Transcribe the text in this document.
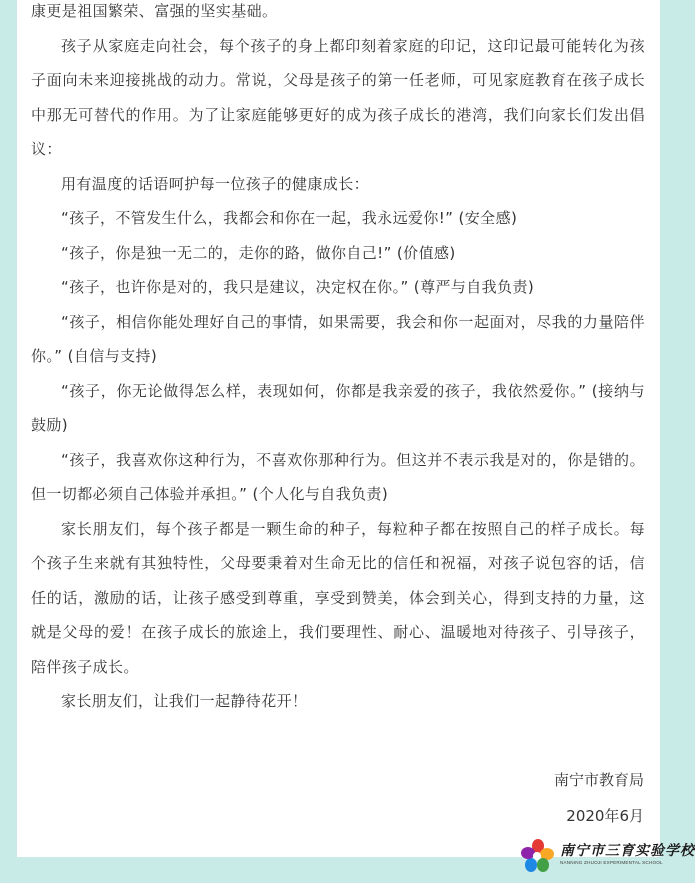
康更是祖国繁荣、富强的坚实基础。

孩子从家庭走向社会，每个孩子的身上都印刻着家庭的印记，这印记最可能转化为孩子面向未来迎接挑战的动力。常说，父母是孩子的第一任老师，可见家庭教育在孩子成长中那无可替代的作用。为了让家庭能够更好的成为孩子成长的港湾，我们向家长们发出倡议：

用有温度的话语呵护每一位孩子的健康成长：

“孩子，不管发生什么，我都会和你在一起，我永远爱你!” (安全感)

“孩子，你是独一无二的，走你的路，做你自己!” (价值感)

“孩子，也许你是对的，我只是建议，决定权在你。” (尊严与自我负责)

“孩子，相信你能处理好自己的事情，如果需要，我会和你一起面对，尽我的力量陪伴你。” (自信与支持)

“孩子，你无论做得怎么样，表现如何，你都是我亲爱的孩子，我依然爱你。” (接纳与鼓励)

“孩子，我喜欢你这种行为，不喜欢你那种行为。但这并不表示我是对的，你是错的。但一切都必须自己体验并承担。” (个人化与自我负责)

家长朋友们，每个孩子都是一颗生命的种子，每粒种子都在按照自己的样子成长。每个孩子生来就有其独特性，父母要秉着对生命无比的信任和祝福，对孩子说包容的话，信任的话，激励的话，让孩子感受到尊重，享受到赞美，体会到关心，得到支持的力量，这就是父母的爱！在孩子成长的旅途上，我们要理性、耐心、温暖地对待孩子、引导孩子，陪伴孩子成长。

家长朋友们，让我们一起静待花开！

南宁市教育局
2020年6月
南宁市三育实验学校
NANNING ZHUOJI EXPERIMENTAL SCHOOL
